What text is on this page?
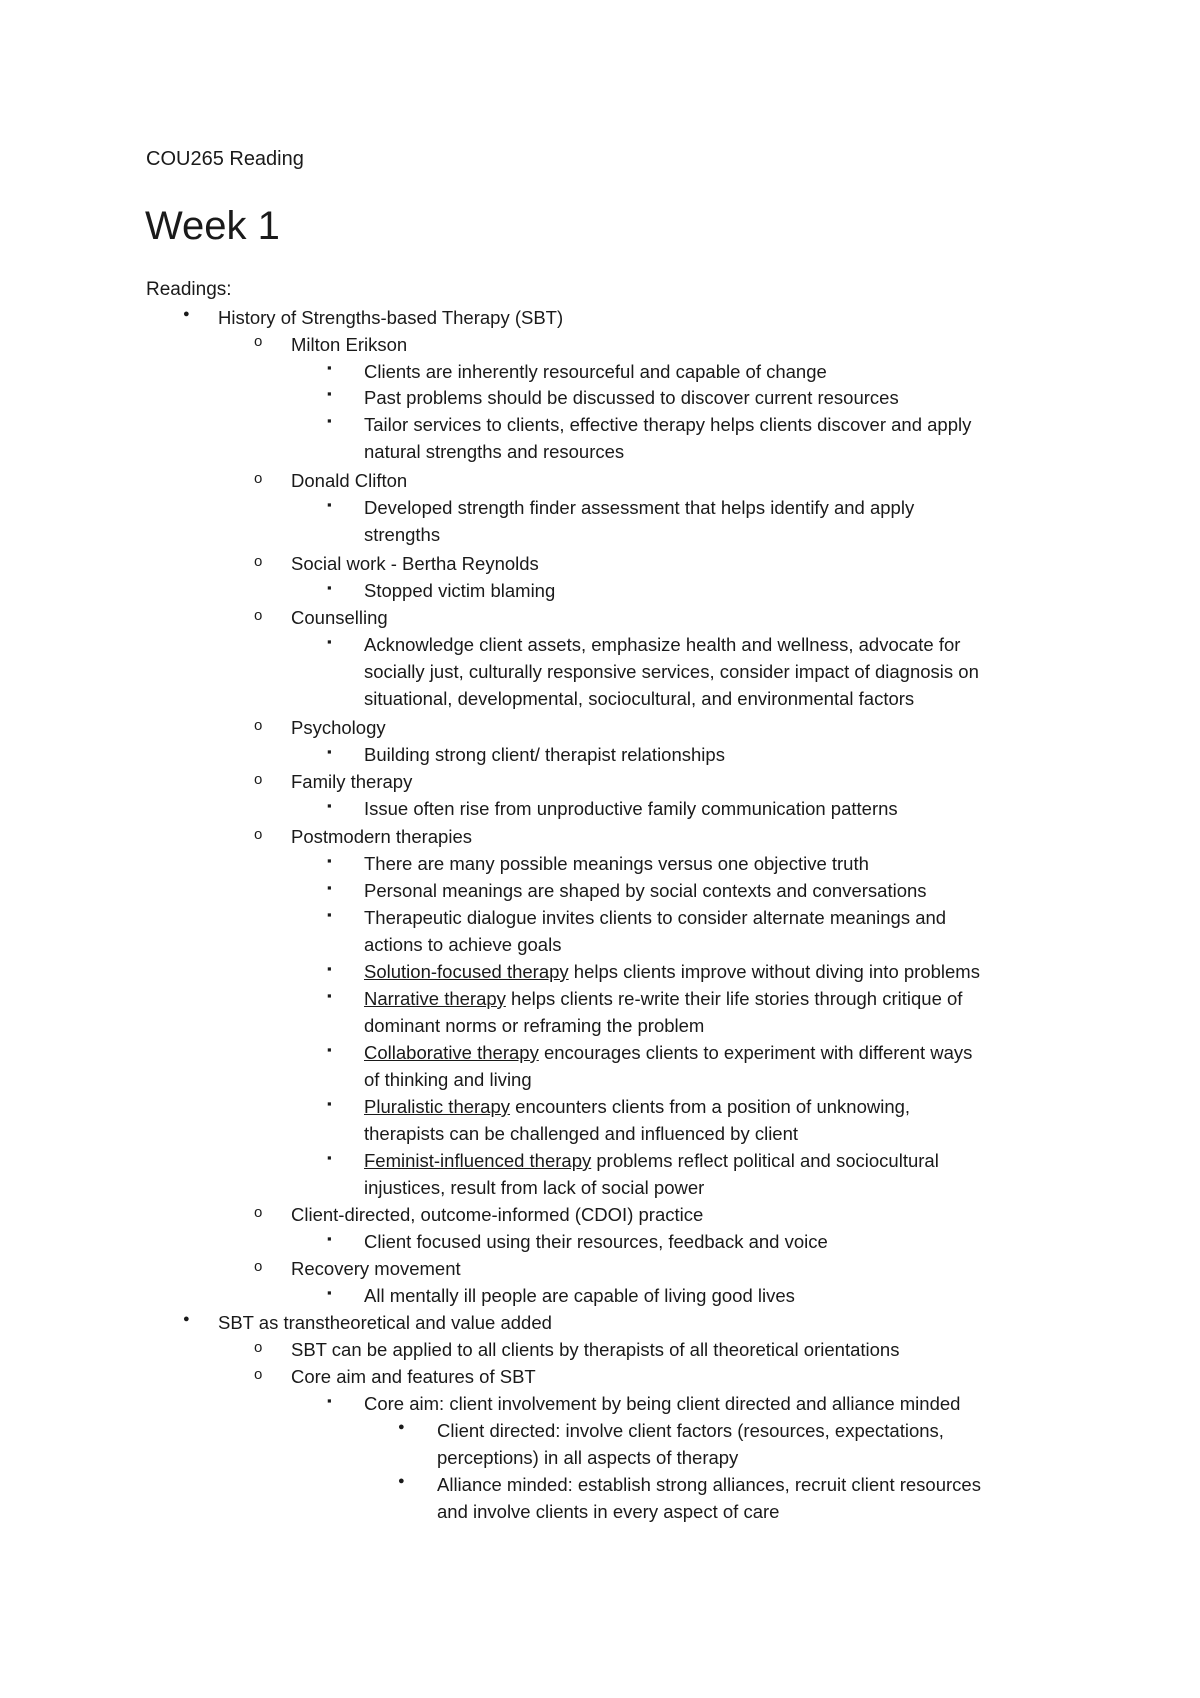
COU265 Reading
Week 1
Readings:
●
o
▪
▪
▪
o
▪
o
▪
o
▪
o
▪
o
▪
o
▪
▪
▪
▪
▪
▪
▪
▪
o
▪
o
▪
●
o
o
▪
●
●
History of Strengths-based Therapy (SBT)
Milton Erikson
Clients are inherently resourceful and capable of change
Past problems should be discussed to discover current resources
Tailor services to clients, effective therapy helps clients discover and apply
natural strengths and resources
Donald Clifton
Developed strength finder assessment that helps identify and apply
strengths
Social work - Bertha Reynolds
Stopped victim blaming
Counselling
Acknowledge client assets, emphasize health and wellness, advocate for
socially just, culturally responsive services, consider impact of diagnosis on
situational, developmental, sociocultural, and environmental factors
Psychology
Building strong client/ therapist relationships
Family therapy
Issue often rise from unproductive family communication patterns
Postmodern therapies
There are many possible meanings versus one objective truth
Personal meanings are shaped by social contexts and conversations
Therapeutic dialogue invites clients to consider alternate meanings and
actions to achieve goals
Solution-focused therapy helps clients improve without diving into problems
Narrative therapy helps clients re-write their life stories through critique of
dominant norms or reframing the problem
Collaborative therapy encourages clients to experiment with different ways
of thinking and living
Pluralistic therapy encounters clients from a position of unknowing,
therapists can be challenged and influenced by client
Feminist-influenced therapy problems reflect political and sociocultural
injustices, result from lack of social power
Client-directed, outcome-informed (CDOI) practice
Client focused using their resources, feedback and voice
Recovery movement
All mentally ill people are capable of living good lives
SBT as transtheoretical and value added
SBT can be applied to all clients by therapists of all theoretical orientations
Core aim and features of SBT
Core aim: client involvement by being client directed and alliance minded
Client directed: involve client factors (resources, expectations,
perceptions) in all aspects of therapy
Alliance minded: establish strong alliances, recruit client resources
and involve clients in every aspect of care
